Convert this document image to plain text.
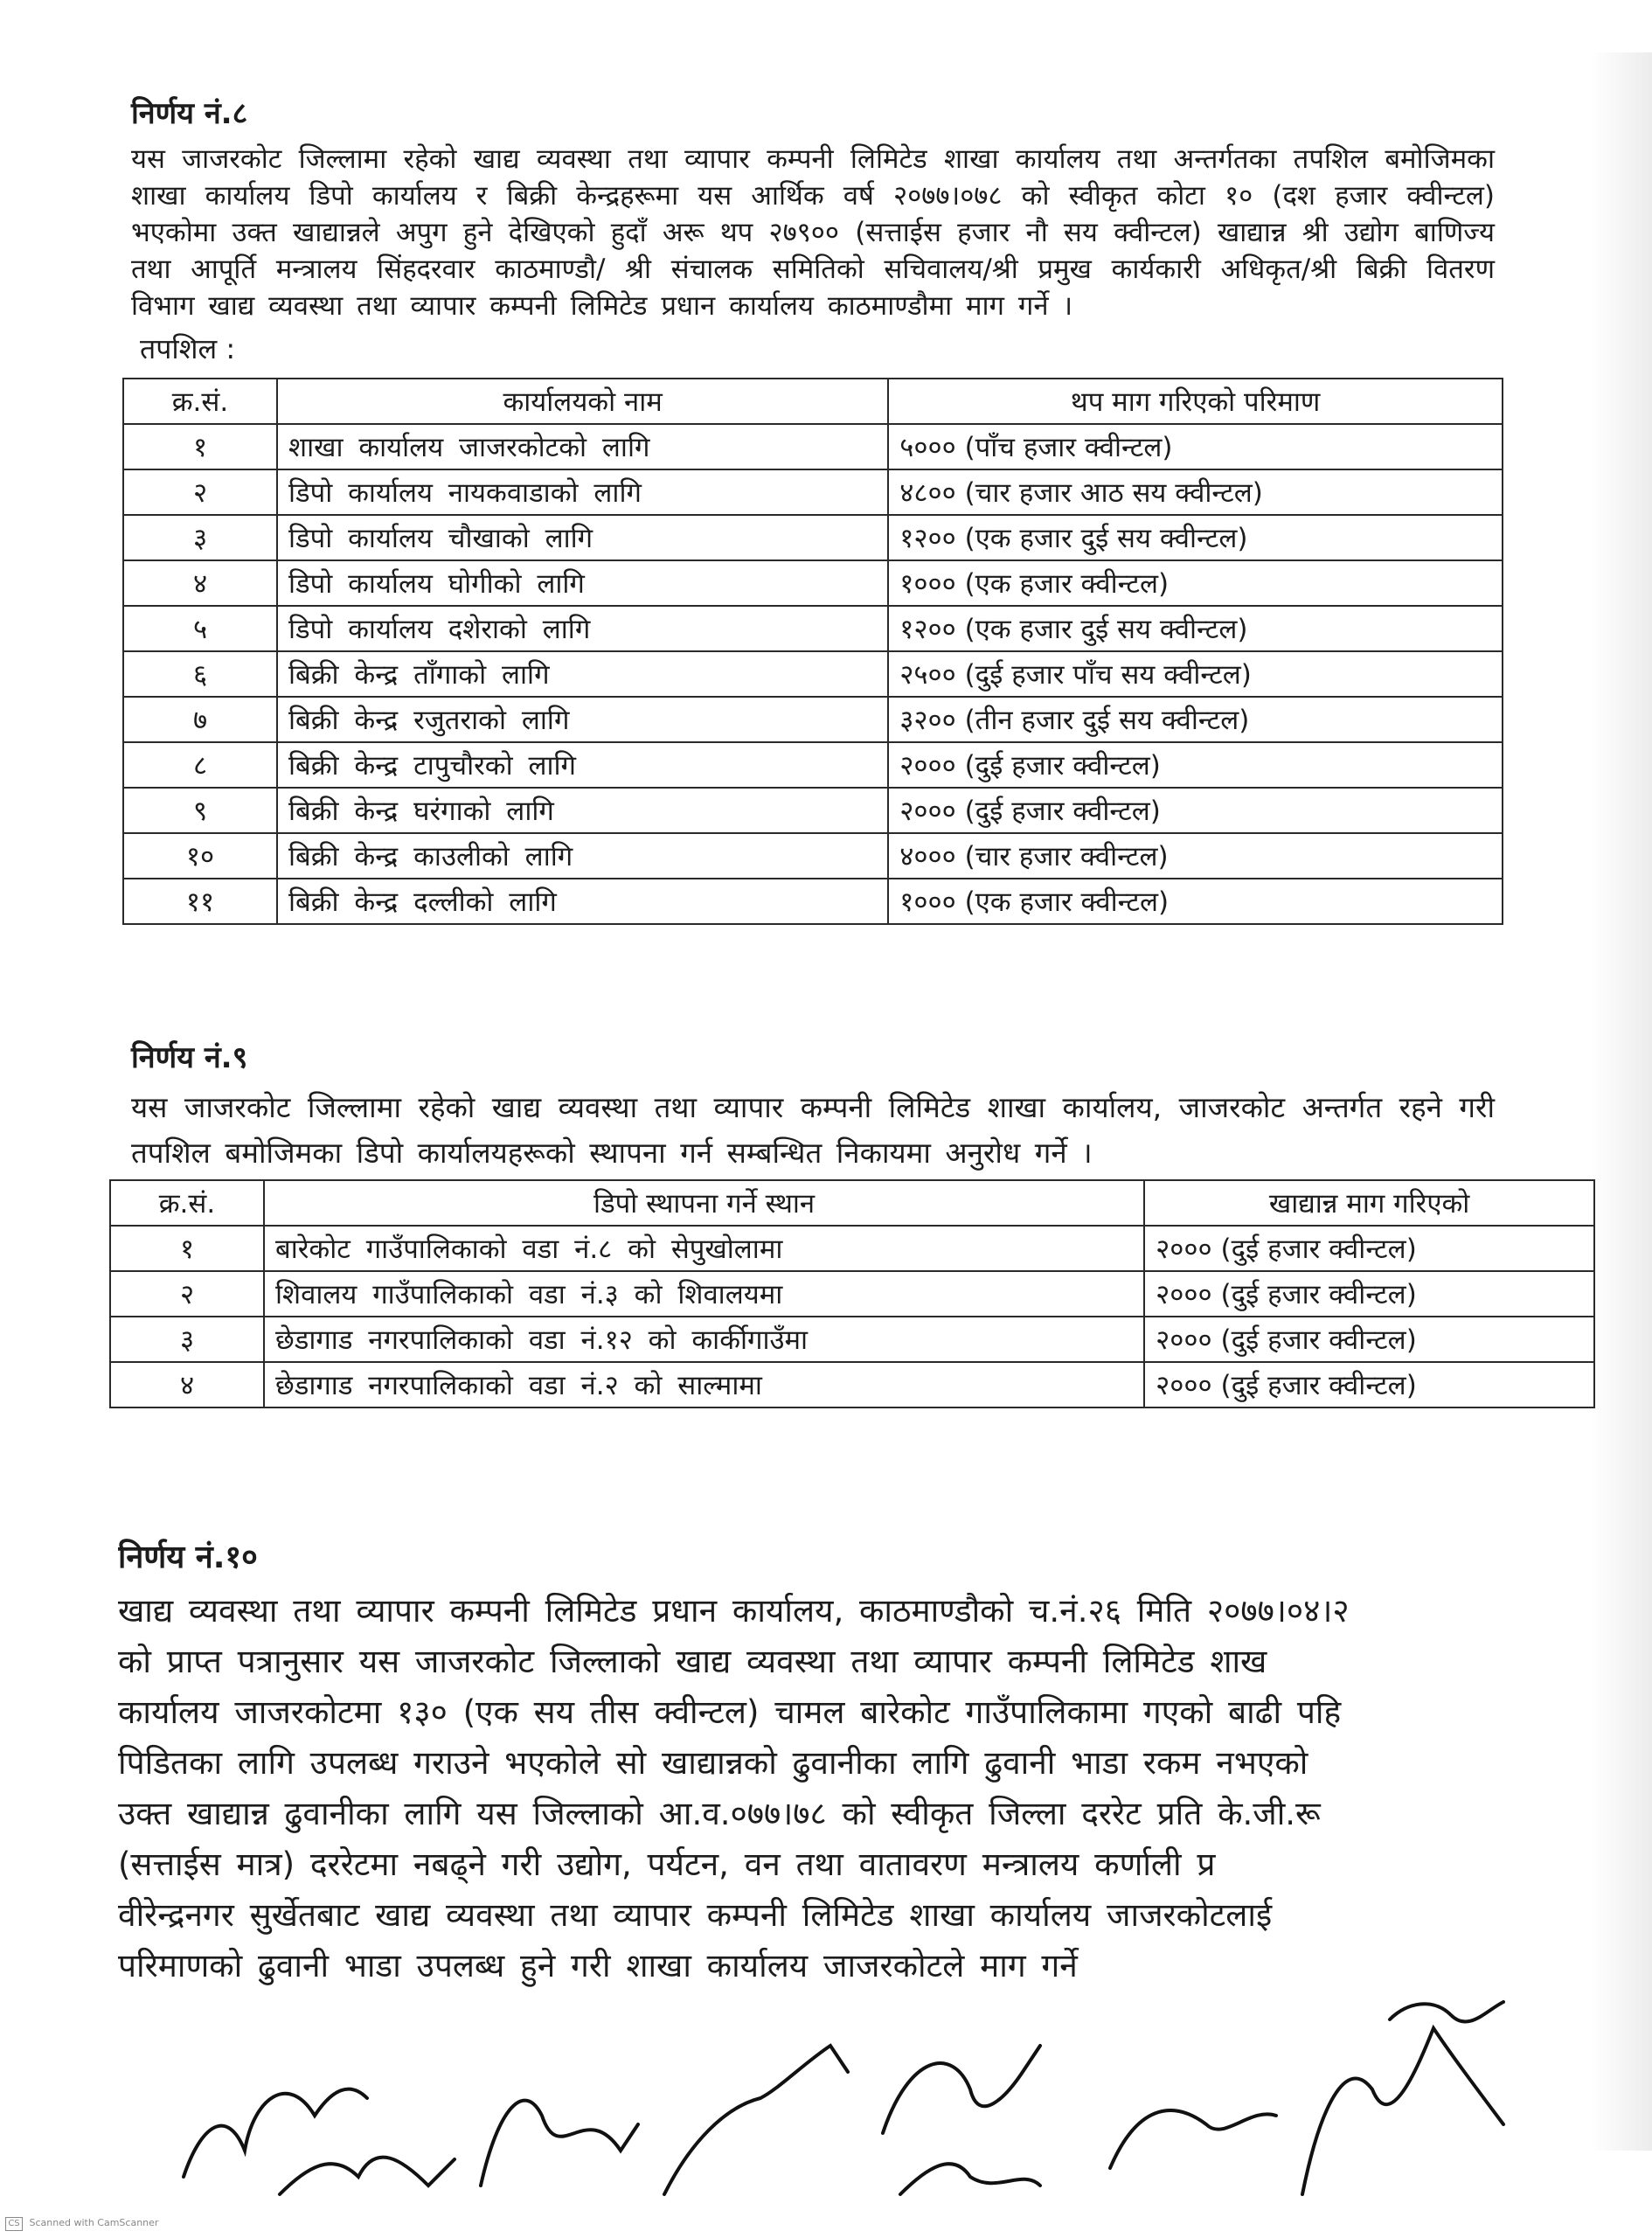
निर्णय नं.८

यस जाजरकोट जिल्लामा रहेको खाद्य व्यवस्था तथा व्यापार कम्पनी लिमिटेड शाखा कार्यालय तथा अन्तर्गतका तपशिल बमोजिमका शाखा कार्यालय डिपो कार्यालय र बिक्री केन्द्रहरूमा यस आर्थिक वर्ष २०७७।०७८ को स्वीकृत कोटा १० (दश हजार क्वीन्टल) भएकोमा उक्त खाद्यान्नले अपुग हुने देखिएको हुदाँ अरू थप २७९०० (सत्ताईस हजार नौ सय क्वीन्टल) खाद्यान्न श्री उद्योग बाणिज्य तथा आपूर्ति मन्त्रालय सिंहदरवार काठमाण्डौ/ श्री संचालक समितिको सचिवालय/श्री प्रमुख कार्यकारी अधिकृत/श्री बिक्री वितरण विभाग खाद्य व्यवस्था तथा व्यापार कम्पनी लिमिटेड प्रधान कार्यालय काठमाण्डौमा माग गर्ने ।

तपशिल :
क्र.सं.	कार्यालयको नाम	थप माग गरिएको परिमाण
१	शाखा कार्यालय जाजरकोटको लागि	५००० (पाँच हजार क्वीन्टल)
२	डिपो कार्यालय नायकवाडाको लागि	४८०० (चार हजार आठ सय क्वीन्टल)
३	डिपो कार्यालय चौखाको लागि	१२०० (एक हजार दुई सय क्वीन्टल)
४	डिपो कार्यालय घोगीको लागि	१००० (एक हजार क्वीन्टल)
५	डिपो कार्यालय दशेराको लागि	१२०० (एक हजार दुई सय क्वीन्टल)
६	बिक्री केन्द्र ताँगाको लागि	२५०० (दुई हजार पाँच सय क्वीन्टल)
७	बिक्री केन्द्र रजुतराको लागि	३२०० (तीन हजार दुई सय क्वीन्टल)
८	बिक्री केन्द्र टापुचौरको लागि	२००० (दुई हजार क्वीन्टल)
९	बिक्री केन्द्र घरंगाको लागि	२००० (दुई हजार क्वीन्टल)
१०	बिक्री केन्द्र काउलीको लागि	४००० (चार हजार क्वीन्टल)
११	बिक्री केन्द्र दल्लीको लागि	१००० (एक हजार क्वीन्टल)
निर्णय नं.९

यस जाजरकोट जिल्लामा रहेको खाद्य व्यवस्था तथा व्यापार कम्पनी लिमिटेड शाखा कार्यालय, जाजरकोट अन्तर्गत रहने गरी तपशिल बमोजिमका डिपो कार्यालयहरूको स्थापना गर्न सम्बन्धित निकायमा अनुरोध गर्ने ।

क्र.सं.	डिपो स्थापना गर्ने स्थान	खाद्यान्न माग गरिएको
१	बारेकोट गाउँपालिकाको वडा नं.८ को सेपुखोलामा	२००० (दुई हजार क्वीन्टल)
२	शिवालय गाउँपालिकाको वडा नं.३ को शिवालयमा	२००० (दुई हजार क्वीन्टल)
३	छेडागाड नगरपालिकाको वडा नं.१२ को कार्कीगाउँमा	२००० (दुई हजार क्वीन्टल)
४	छेडागाड नगरपालिकाको वडा नं.२ को साल्मामा	२००० (दुई हजार क्वीन्टल)
निर्णय नं.१०
खाद्य व्यवस्था तथा व्यापार कम्पनी लिमिटेड प्रधान कार्यालय, काठमाण्डौको च.नं.२६ मिति २०७७।०४।२
को प्राप्त पत्रानुसार यस जाजरकोट जिल्लाको खाद्य व्यवस्था तथा व्यापार कम्पनी लिमिटेड शाख
कार्यालय जाजरकोटमा १३० (एक सय तीस क्वीन्टल) चामल बारेकोट गाउँपालिकामा गएको बाढी पहि
पिडितका लागि उपलब्ध गराउने भएकोले सो खाद्यान्नको ढुवानीका लागि ढुवानी भाडा रकम नभएको
उक्त खाद्यान्न ढुवानीका लागि यस जिल्लाको आ.व.०७७।७८ को स्वीकृत जिल्ला दररेट प्रति के.जी.रू
(सत्ताईस मात्र) दररेटमा नबढ्ने गरी उद्योग, पर्यटन, वन तथा वातावरण मन्त्रालय कर्णाली प्र
वीरेन्द्रनगर सुर्खेतबाट खाद्य व्यवस्था तथा व्यापार कम्पनी लिमिटेड शाखा कार्यालय जाजरकोटलाई
परिमाणको ढुवानी भाडा उपलब्ध हुने गरी शाखा कार्यालय जाजरकोटले माग गर्ने
CS Scanned with CamScanner
